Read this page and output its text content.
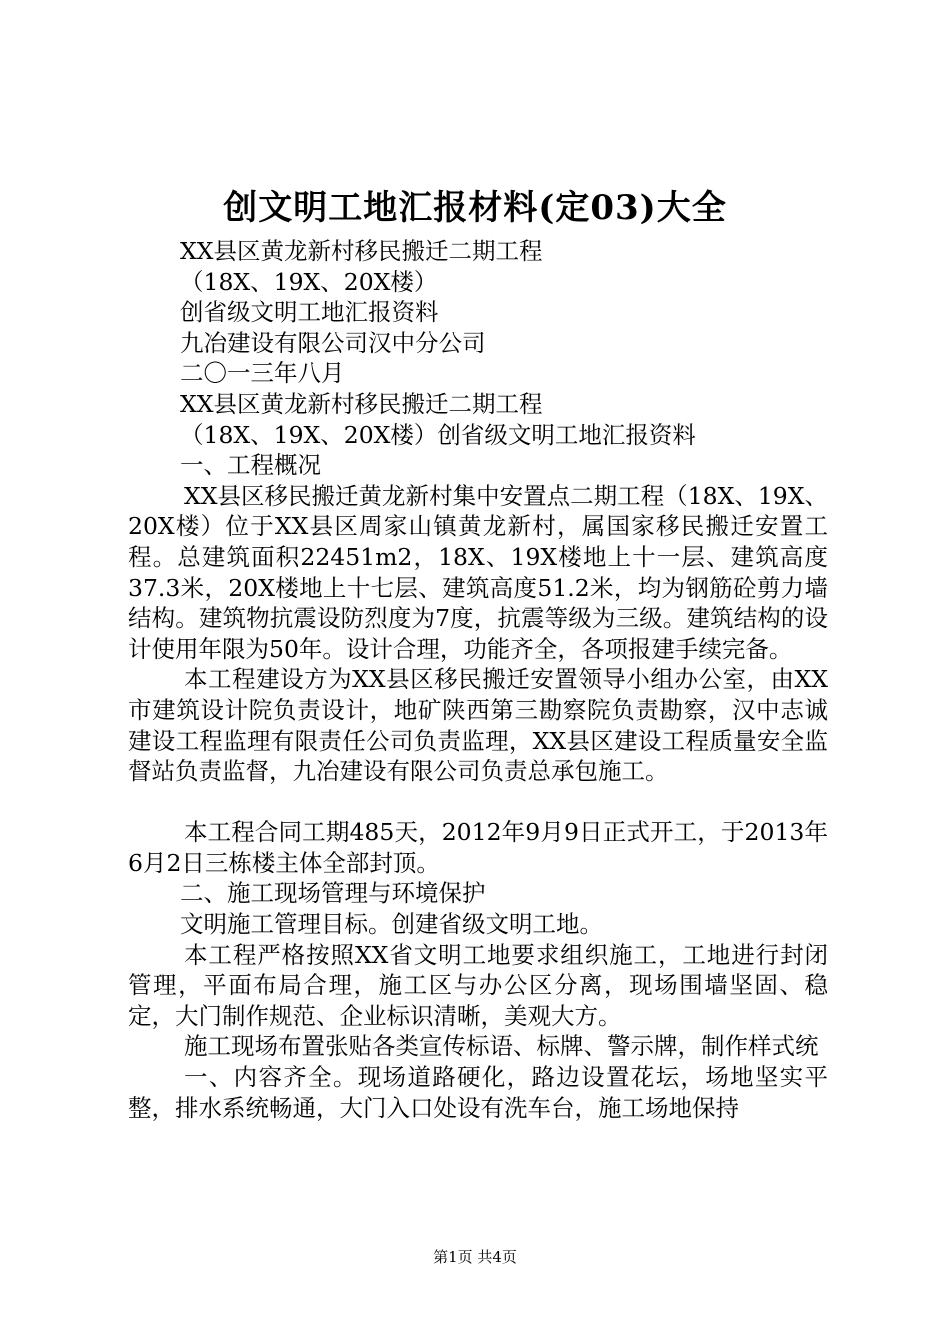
创文明工地汇报材料(定03)大全

XX县区黄龙新村移民搬迁二期工程

（18X、19X、20X楼）

创省级文明工地汇报资料

九冶建设有限公司汉中分公司

二〇一三年八月

XX县区黄龙新村移民搬迁二期工程

（18X、19X、20X楼）创省级文明工地汇报资料

一、工程概况

XX县区移民搬迁黄龙新村集中安置点二期工程（18X、19X、20X楼）位于XX县区周家山镇黄龙新村，属国家移民搬迁安置工程。总建筑面积22451m2，18X、19X楼地上十一层、建筑高度37.3米，20X楼地上十七层、建筑高度51.2米，均为钢筋砼剪力墙结构。建筑物抗震设防烈度为7度，抗震等级为三级。建筑结构的设计使用年限为50年。设计合理，功能齐全，各项报建手续完备。

本工程建设方为XX县区移民搬迁安置领导小组办公室，由XX市建筑设计院负责设计，地矿陕西第三勘察院负责勘察，汉中志诚建设工程监理有限责任公司负责监理，XX县区建设工程质量安全监督站负责监督，九冶建设有限公司负责总承包施工。

本工程合同工期485天，2012年9月9日正式开工，于2013年6月2日三栋楼主体全部封顶。

二、施工现场管理与环境保护

文明施工管理目标。创建省级文明工地。

本工程严格按照XX省文明工地要求组织施工，工地进行封闭管理，平面布局合理，施工区与办公区分离，现场围墙坚固、稳定，大门制作规范、企业标识清晰，美观大方。

施工现场布置张贴各类宣传标语、标牌、警示牌，制作样式统

一、内容齐全。现场道路硬化，路边设置花坛，场地坚实平整，排水系统畅通，大门入口处设有洗车台，施工场地保持

第1页 共4页
